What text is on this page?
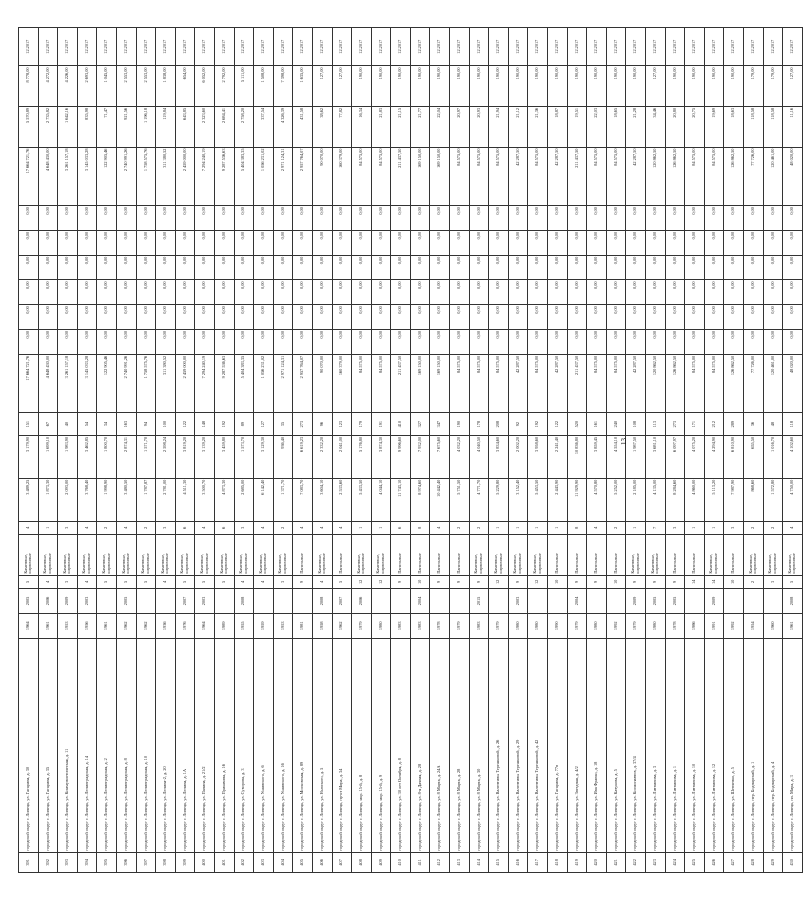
391	городской округ г. Липецк, ул. Гагарина, д. 30	1964	2005	5	Каменные, кирпичные	4	3 489,25	3 179,90	151	17 664 721,76	0,00	0,00	0,00	0,00	0,00	0,00	17 664 721,76	5 570,89	8 778,00	12.2017
392	городской округ г. Липецк, ул. Гагарина, д. 35	1961	2006	4	Каменные, кирпичные	1	1 873,30	1 699,10	67	4 648 430,00	0,00	0,00	0,00	0,00	0,00	0,00	4 648 430,00	2 735,82	4 272,00	12.2017
393	городской округ г. Липецк, ул. Коммунистическая, д. 11	1953	2009	3	Каменные, кирпичные	3	2 093,00	1 983,90	40	3 261 157,18	0,00	0,00	0,00	0,00	0,00	0,00	3 261 157,18	1 642,16	4 226,00	12.2017
394	городской округ г. Липецк, ул. Ленинградская, д. 14	1956	2003	4	Каменные, кирпичные	4	3 768,40	3 462,85	54	3 145 033,28	0,00	0,00	0,00	0,00	0,00	0,00	3 145 033,28	835,98	2 693,00	12.2017
395	городской округ г. Липецк, ул. Ленинградская, д. 2	1961		5	Каменные, кирпичные	2	1 998,90	1 800,70	34	122 905,46	0,00	0,00	0,00	0,00	0,00	0,00	122 905,46	71,47	1 045,00	12.2017
396	городской округ г. Липецк, ул. Ленинградская, д. 8	1962	2005	5	Каменные, кирпичные	4	3 480,50	2 874,31	163	2 740 991,26	0,00	0,00	0,00	0,00	0,00	0,00	2 740 991,26	921,56	2 553,00	12.2017
397	городской округ г. Липецк, ул. Ленинградская, д. 10	1962		5	Каменные, кирпичные	2	1 787,87	1 571,70	94	1 758 575,76	0,00	0,00	0,00	0,00	0,00	0,00	1 758 575,76	1 196,18	2 553,00	12.2017
398	городской округ г. Липецк, ул. Ленина-2, д. 20	1936		4	Каменные, кирпичные	3	2 781,00	2 598,24	100	311 380,52	0,00	0,00	0,00	0,00	0,00	0,00	311 380,52	119,84	1 838,00	12.2017
399	городской округ г. Липецк, ул. Ленина, д. 1А	1976	2007	5	Каменные, кирпичные	6	4 511,30	3 819,20	122	2 459 000,00	0,00	0,00	0,00	0,00	0,00	0,00	2 459 000,00	643,85	654,00	12.2017
400	городской округ г. Липецк, ул. Папина, д. 21/2	1964	2003	5	Каменные, кирпичные	4	3 500,70	3 139,20	148	7 294 240,19	0,00	0,00	0,00	0,00	0,00	0,00	7 294 240,19	2 323,60	6 052,00	12.2017
401	городской округ г. Липецк, ул. Пришвина, д. 16	1989		5	Каменные, кирпичные	6	4 873,30	3 459,80	192	9 287 536,63	0,00	0,00	0,00	0,00	0,00	0,00	9 287 536,63	2 684,41	2 792,00	12.2017
402	городской округ г. Липецк, ул. Суворова, д. 3	1955	2008	4	Каменные, кирпичные	3	2 685,00	1 573,70	89	5 404 383,35	0,00	0,00	0,00	0,00	0,00	0,00	5 404 383,35	2 758,20	5 111,00	12.2017
403	городской округ г. Липецк, ул. Ушинского, д. 6	1959		4	Каменные, кирпичные	4	6 142,40	3 129,30	127	1 056 231,02	0,00	0,00	0,00	0,00	0,00	0,00	1 056 231,02	337,54	1 508,00	12.2017
404	городской округ г. Липецк, ул. Ушинского, д. 16	1953		3	Каменные, кирпичные	2	1 371,70	936,40	35	2 971 124,31	0,00	0,00	0,00	0,00	0,00	0,00	2 971 124,31	4 326,39	7 398,00	12.2017
405	городской округ г. Липецк, ул. Московская, д. 89	1981		9	Панельные	4	7 083,70	6 619,23	273	2 957 764,07	0,00	0,00	0,00	0,00	0,00	0,00	2 957 764,07	431,58	1 635,00	12.2017
406	городской округ г. Липецк, ул. Ньюского, д. 5	1958	2008	4	Каменные, кирпичные	4	3 604,10	2 332,20	96	90 070,00	0,00	0,00	0,00	0,00	0,00	0,00	90 070,00	38,62	127,00	12.2017
407	городской округ г. Липецк, пр-кт Мира, д. 34	1962	2007	5	Панельные	4	2 533,60	2 041,00	123	160 379,00	0,00	0,00	0,00	0,00	0,00	0,00	160 379,00	77,82	127,00	12.2017
408	городской округ г. Липецк, мкр. 15-й, д. 8	1979	2006	12	Каменные, кирпичные	1	5 433,50	5 176,80	179	84 575,00	0,00	0,00	0,00	0,00	0,00	0,00	84 575,00	16,34	190,00	12.2017
409	городской округ г. Липецк, мкр. 15-й, д. 9	1980		12	Каменные, кирпичные	1	4 044,10	3 874,30	191	84 575,00	0,00	0,00	0,00	0,00	0,00	0,00	84 575,00	21,83	190,00	12.2017
410	городской округ г. Липецк, ул. 30 лет Октября, д. 8	1983		9	Панельные	6	11 743,10	9 996,60	410	211 437,50	0,00	0,00	0,00	0,00	0,00	0,00	211 437,50	21,15	190,00	12.2017
411	городской округ г. Липецк, ул. 8-я Дачная, д. 28	1983	2004	10	Панельные	8	8 974,60	7 932,00	327	169 150,00	0,00	0,00	0,00	0,00	0,00	0,00	169 150,00	21,77	190,00	12.2017
412	городской округ г. Липецк, ул. 8 Марта, д. 24А	1978		9	Панельные	4	10 442,40	7 675,60	347	169 150,00	0,00	0,00	0,00	0,00	0,00	0,00	169 150,00	22,04	190,00	12.2017
413	городской округ г. Липецк, ул. 8 Марта, д. 28	1979		9	Панельные	2	5 751,50	4 032,20	190	84 575,00	0,00	0,00	0,00	0,00	0,00	0,00	84 575,00	20,97	190,00	12.2017
414	городской округ г. Липецк, ул. 8 Марта, д. 30	1983	2015	9	Каменные, кирпичные	2	4 771,70	4 040,50	178	84 575,00	0,00	0,00	0,00	0,00	0,00	0,00	84 575,00	20,93	190,00	12.2017
415	городской округ г. Липецк, ул. Валентины Терешковой, д. 26	1979		12	Каменные, кирпичные	1	5 229,80	3 834,60	208	84 575,00	0,00	0,00	0,00	0,00	0,00	0,00	84 575,00	21,94	190,00	12.2017
416	городской округ г. Липецк, ул. Валентины Терешковой, д. 29	1980	2003	9	Каменные, кирпичные	1	3 152,40	2 002,20	92	42 287,50	0,00	0,00	0,00	0,00	0,00	0,00	42 287,50	21,12	190,00	12.2017
417	городской округ г. Липецк, ул. Валентины Терешковой, д. 42	1980		12	Каменные, кирпичные	1	5 453,50	3 958,60	192	84 575,00	0,00	0,00	0,00	0,00	0,00	0,00	84 575,00	21,36	190,00	12.2017
418	городской округ г. Липецк, ул. Гагарина, д. 77в	1990		10	Панельные	1	2 443,90	2 241,40	122	42 287,50	0,00	0,00	0,00	0,00	0,00	0,00	42 287,50	18,87	190,00	12.2017
419	городской округ г. Липецк, ул. Звездная, д. 4/2	1979	2004	9	Панельные	8	11 929,90	10 836,80	520	211 437,50	0,00	0,00	0,00	0,00	0,00	0,00	211 437,50	19,51	190,00	12.2017
420	городской округ г. Липецк, ул. Ива Франко, д. 18	1980		9	Панельные	4	4 570,80	3 859,45	161	84 575,00	0,00	0,00	0,00	0,00	0,00	0,00	84 575,00	22,03	190,00	12.2017
421	городской округ г. Липецк, ул. Катукова, д. 5	1992		10	Панельные	2	5 252,00	4 554,10	240	84 575,00	0,00	0,00	0,00	0,00	0,00	0,00	84 575,00	18,65	190,00	12.2017
422	городской округ г. Липецк, ул. Космонавтов, д. 37/4	1979	2009	9	Каменные, кирпичные	1	2 185,00	1 987,50	108	42 287,50	0,00	0,00	0,00	0,00	0,00	0,00	42 287,50	21,28	190,00	12.2017
423	городской округ г. Липецк, ул. Литвинова, д. 3	1980	2005	9	Каменные, кирпичные	7	4 135,00	3 681,10	113	120 862,50	0,00	0,00	0,00	0,00	0,00	0,00	120 862,50	34,46	127,00	12.2017
424	городской округ г. Липецк, ул. Литвинова, д. 1	1978	2005	9	Панельные	3	8 284,60	6 097,97	273	126 862,50	0,00	0,00	0,00	0,00	0,00	0,00	126 862,50	20,80	190,00	12.2017
425	городской округ г. Липецк, ул. Литвинова, д. 10	1986		14	Панельные	1	4 860,00	4 075,20	171	84 575,00	0,00	0,00	0,00	0,00	0,00	0,00	84 575,00	20,75	190,00	12.2017
426	городской округ г. Липецк, ул. Литвинова, д. 12	1991	2009	14	Каменные, кирпичные	1	5 113,20	4 294,90	212	84 575,00	0,00	0,00	0,00	0,00	0,00	0,00	84 575,00	19,69	190,00	12.2017
427	городской округ г. Липецк, ул. Шевченко, д. 5	1992		10	Панельные	3	7 987,90	6 810,90	289	126 862,50	0,00	0,00	0,00	0,00	0,00	0,00	126 862,50	18,63	190,00	12.2017
428	городской округ г. Липецк, пер. Боднарский, д. 1	1954		2	Каменные, кирпичные	2	868,60	655,50	36	77 726,00	0,00	0,00	0,00	0,00	0,00	0,00	77 726,00	118,58	179,00	12.2017
429	городской округ г. Липецк, пер. Боднарский, д. 4	1960		3	Каменные, кирпичные	2	1 572,80	1 016,70	48	120 461,00	0,00	0,00	0,00	0,00	0,00	0,00	120 461,00	118,58	179,00	12.2017
430	городской округ г. Липецк, пл. Мира, д. 3	1961	2008	5	Каменные, кирпичные	4	4 750,00	4 102,60	118	48 020,00	0,00	0,00	0,00	0,00	0,00	0,00	48 020,00	11,16	127,00	12.2017
13
